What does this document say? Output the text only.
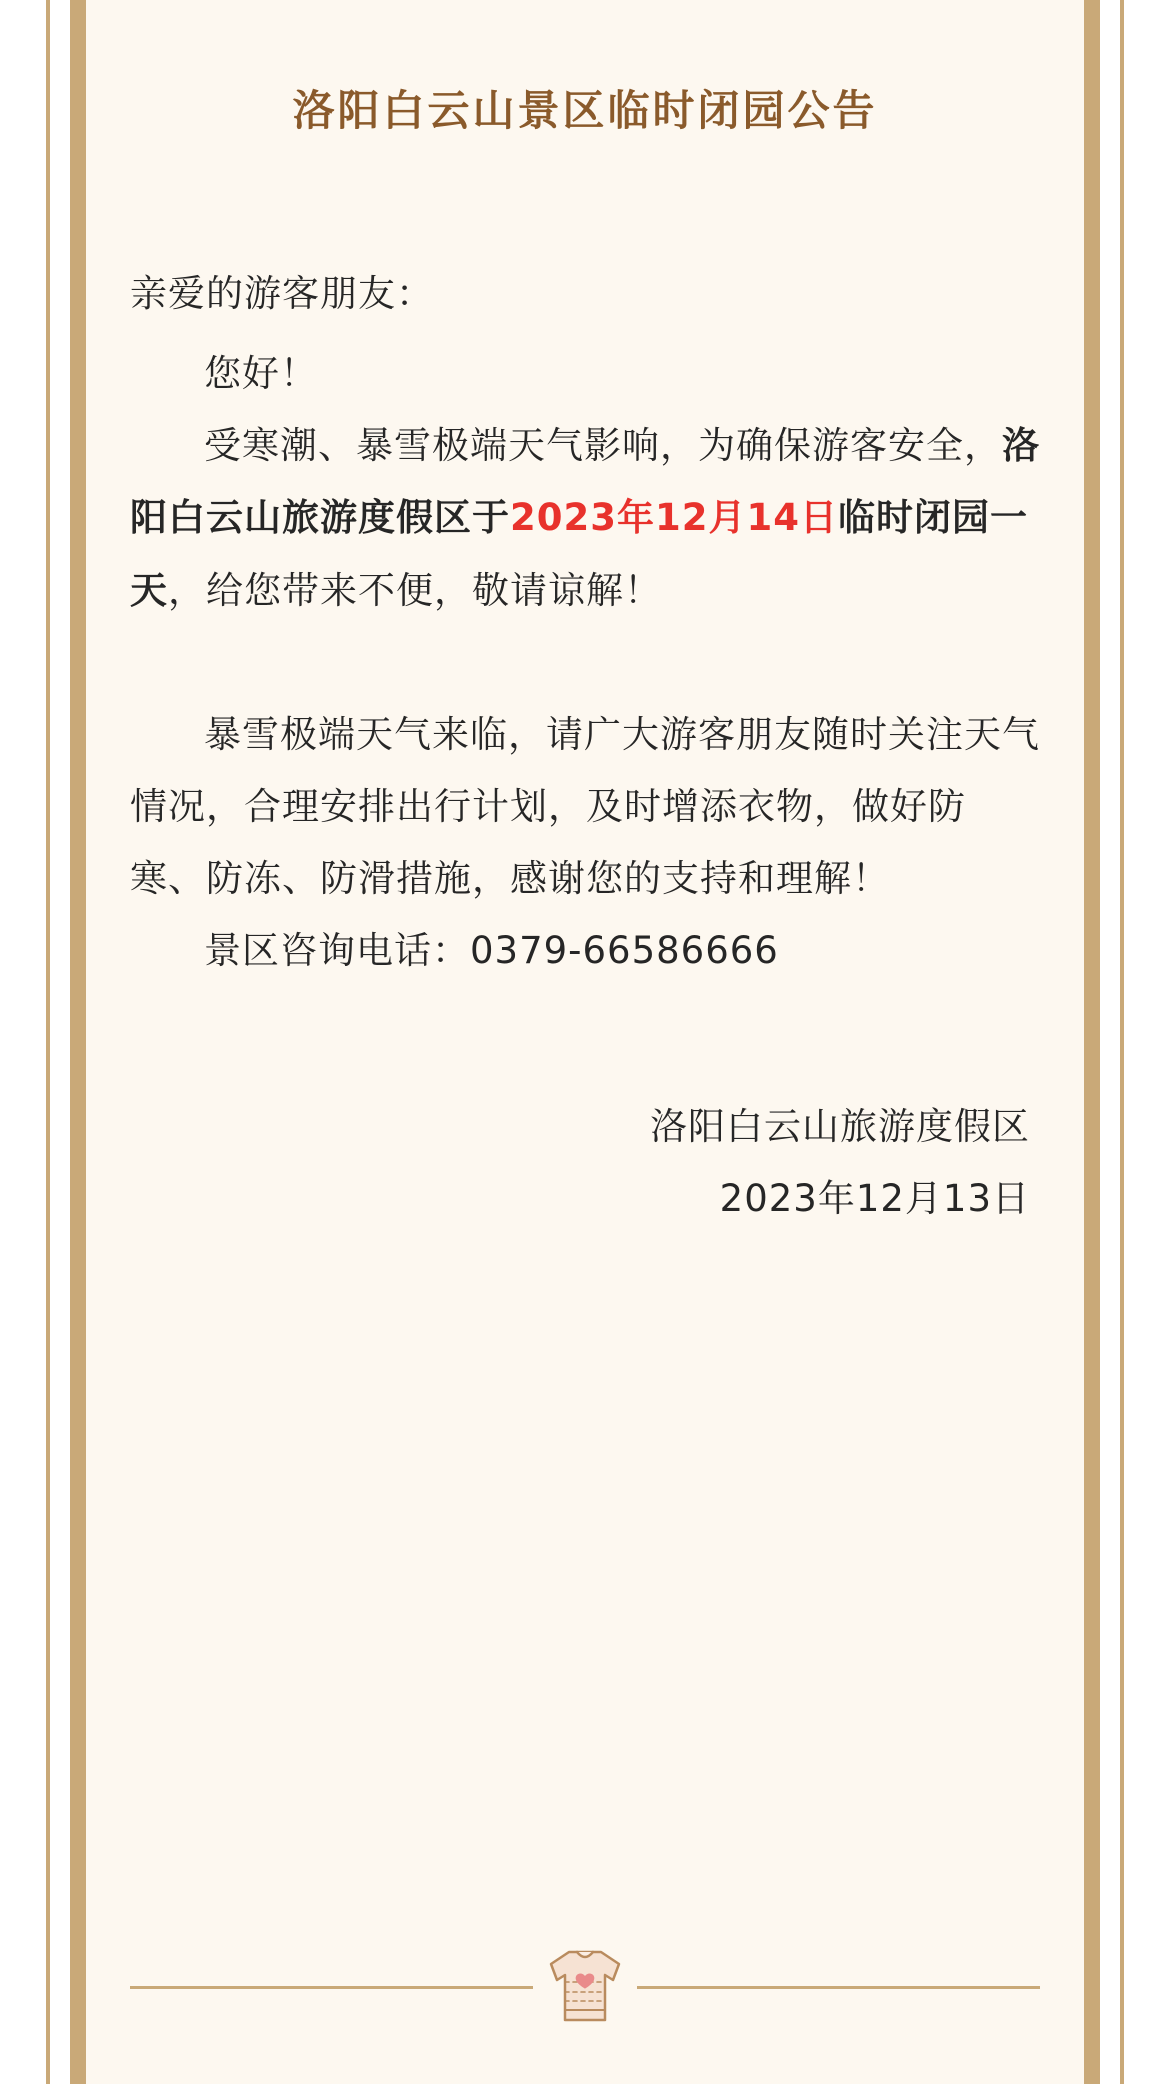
洛阳白云山景区临时闭园公告

亲爱的游客朋友：

您好！

受寒潮、暴雪极端天气影响，为确保游客安全，洛阳白云山旅游度假区于2023年12月14日临时闭园一天，给您带来不便，敬请谅解！

暴雪极端天气来临，请广大游客朋友随时关注天气情况，合理安排出行计划，及时增添衣物，做好防寒、防冻、防滑措施，感谢您的支持和理解！

景区咨询电话：0379-66586666

洛阳白云山旅游度假区
2023年12月13日
